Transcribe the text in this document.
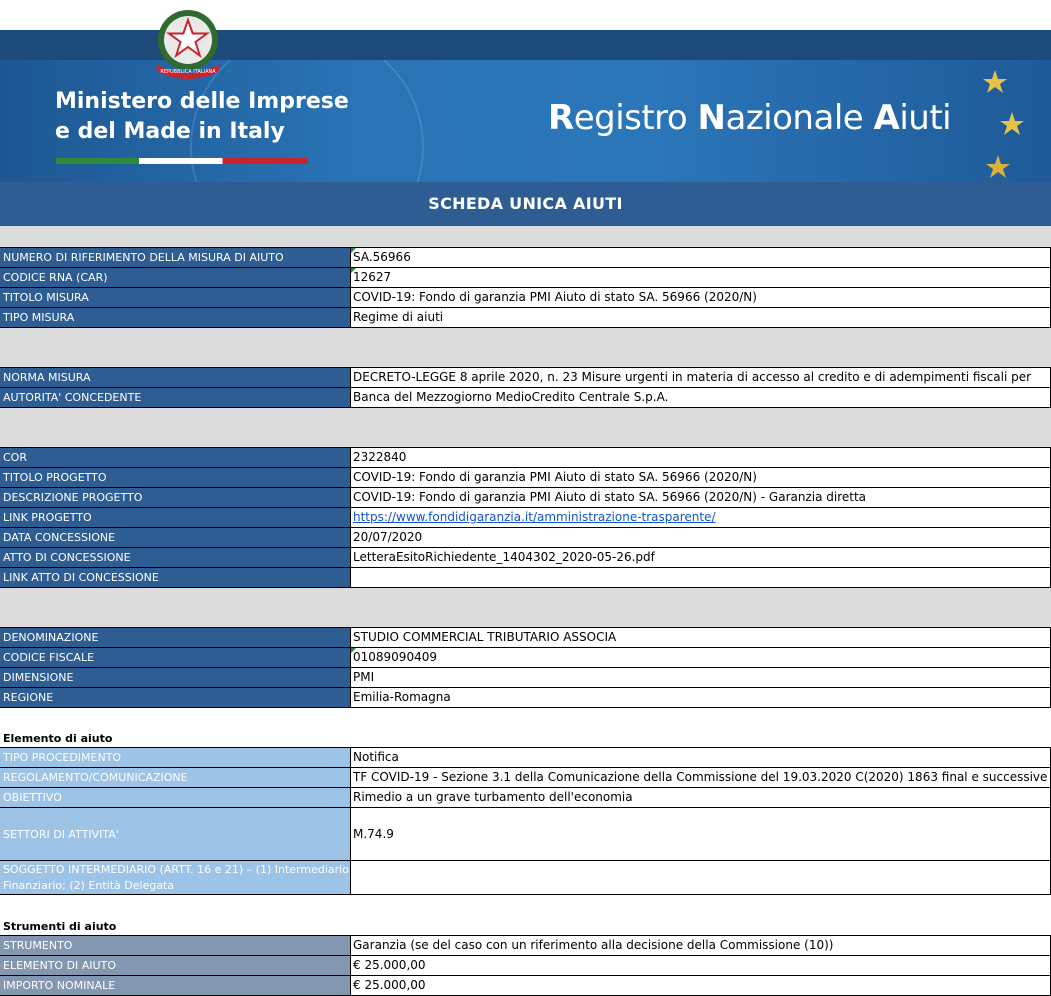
Ministero delle Imprese
e del Made in Italy
REPUBBLICA ITALIANA
Registro Nazionale Aiuti
SCHEDA UNICA AIUTI
NUMERO DI RIFERIMENTO DELLA MISURA DI AIUTO	SA.56966
CODICE RNA (CAR)	12627
TITOLO MISURA	COVID-19: Fondo di garanzia PMI Aiuto di stato SA. 56966 (2020/N)
TIPO MISURA	Regime di aiuti
NORMA MISURA	DECRETO-LEGGE 8 aprile 2020, n. 23 Misure urgenti in materia di accesso al credito e di adempimenti fiscali per
AUTORITA' CONCEDENTE	Banca del Mezzogiorno MedioCredito Centrale S.p.A.
COR	2322840
TITOLO PROGETTO	COVID-19: Fondo di garanzia PMI Aiuto di stato SA. 56966 (2020/N)
DESCRIZIONE PROGETTO	COVID-19: Fondo di garanzia PMI Aiuto di stato SA. 56966 (2020/N) - Garanzia diretta
LINK PROGETTO	https://www.fondidigaranzia.it/amministrazione-trasparente/
DATA CONCESSIONE	20/07/2020
ATTO DI CONCESSIONE	LetteraEsitoRichiedente_1404302_2020-05-26.pdf
LINK ATTO DI CONCESSIONE
DENOMINAZIONE	STUDIO COMMERCIAL TRIBUTARIO ASSOCIA
CODICE FISCALE	01089090409
DIMENSIONE	PMI
REGIONE	Emilia-Romagna
Elemento di aiuto
TIPO PROCEDIMENTO	Notifica
REGOLAMENTO/COMUNICAZIONE	TF COVID-19 - Sezione 3.1 della Comunicazione della Commissione del 19.03.2020 C(2020) 1863 final e successive
OBIETTIVO	Rimedio a un grave turbamento dell'economia
SETTORI DI ATTIVITA'	M.74.9
SOGGETTO INTERMEDIARIO (ARTT. 16 e 21) – (1) Intermediario Finanziario; (2) Entità Delegata
Strumenti di aiuto
STRUMENTO	Garanzia (se del caso con un riferimento alla decisione della Commissione (10))
ELEMENTO DI AIUTO	€ 25.000,00
IMPORTO NOMINALE	€ 25.000,00
